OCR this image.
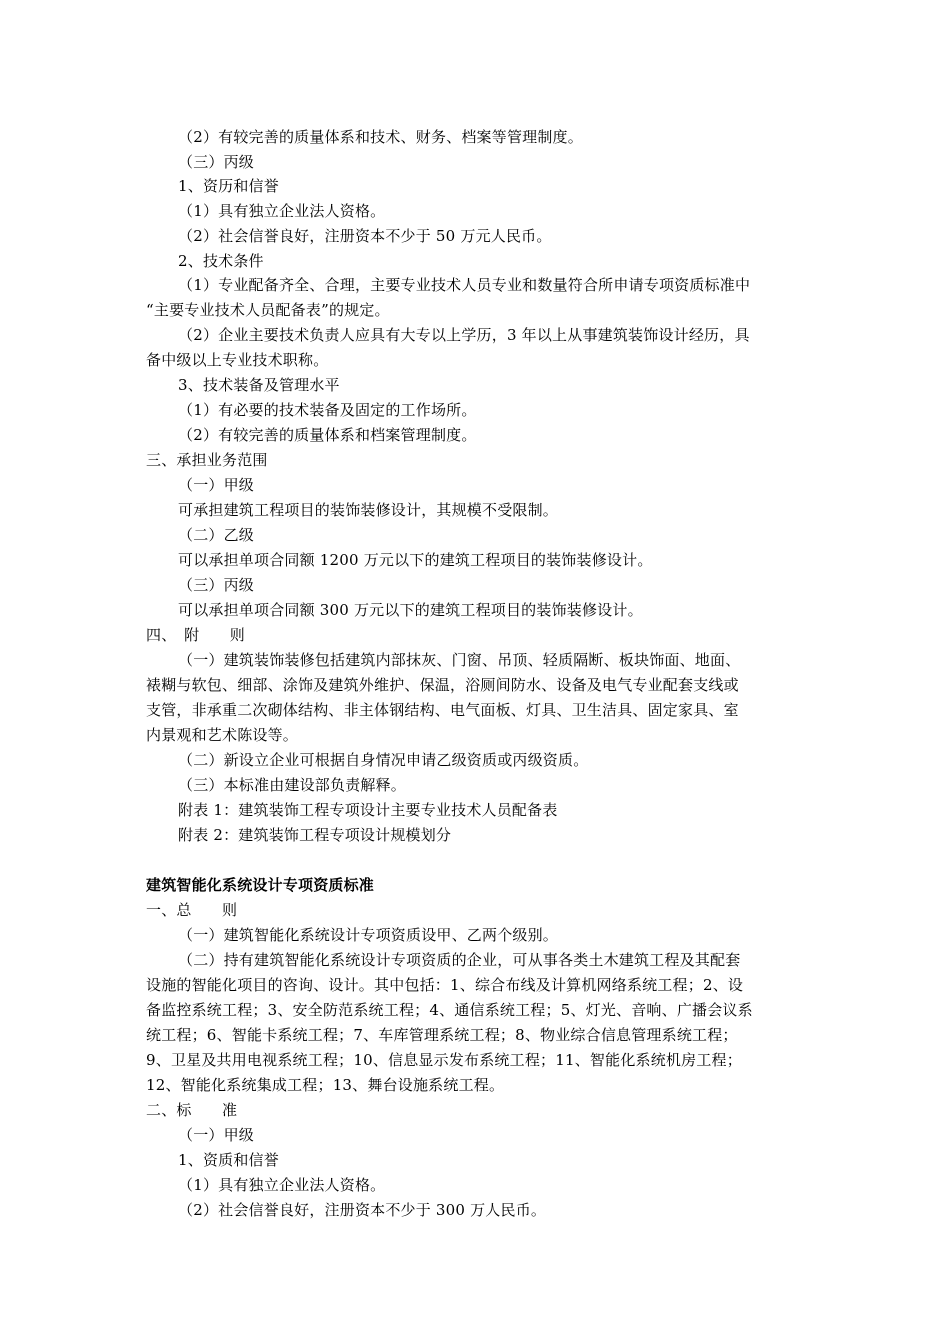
（2）有较完善的质量体系和技术、财务、档案等管理制度。
（三）丙级
1、资历和信誉
（1）具有独立企业法人资格。
（2）社会信誉良好，注册资本不少于 50 万元人民币。
2、技术条件
（1）专业配备齐全、合理，主要专业技术人员专业和数量符合所申请专项资质标准中
“主要专业技术人员配备表”的规定。
（2）企业主要技术负责人应具有大专以上学历，3 年以上从事建筑装饰设计经历，具
备中级以上专业技术职称。
3、技术装备及管理水平
（1）有必要的技术装备及固定的工作场所。
（2）有较完善的质量体系和档案管理制度。
三、承担业务范围
（一）甲级
可承担建筑工程项目的装饰装修设计，其规模不受限制。
（二）乙级
可以承担单项合同额 1200 万元以下的建筑工程项目的装饰装修设计。
（三）丙级
可以承担单项合同额 300 万元以下的建筑工程项目的装饰装修设计。
四、　附　　则
（一）建筑装饰装修包括建筑内部抹灰、门窗、吊顶、轻质隔断、板块饰面、地面、
裱糊与软包、细部、涂饰及建筑外维护、保温，浴厕间防水、设备及电气专业配套支线或
支管，非承重二次砌体结构、非主体钢结构、电气面板、灯具、卫生洁具、固定家具、室
内景观和艺术陈设等。
（二）新设立企业可根据自身情况申请乙级资质或丙级资质。
（三）本标准由建设部负责解释。
附表 1：建筑装饰工程专项设计主要专业技术人员配备表
附表 2：建筑装饰工程专项设计规模划分
建筑智能化系统设计专项资质标准
一、总　　则
（一）建筑智能化系统设计专项资质设甲、乙两个级别。
（二）持有建筑智能化系统设计专项资质的企业，可从事各类土木建筑工程及其配套
设施的智能化项目的咨询、设计。其中包括：1、综合布线及计算机网络系统工程；2、设
备监控系统工程；3、安全防范系统工程；4、通信系统工程；5、灯光、音响、广播会议系
统工程；6、智能卡系统工程；7、车库管理系统工程；8、物业综合信息管理系统工程；
9、卫星及共用电视系统工程；10、信息显示发布系统工程；11、智能化系统机房工程；
12、智能化系统集成工程；13、舞台设施系统工程。
二、标　　准
（一）甲级
1、资质和信誉
（1）具有独立企业法人资格。
（2）社会信誉良好，注册资本不少于 300 万人民币。
